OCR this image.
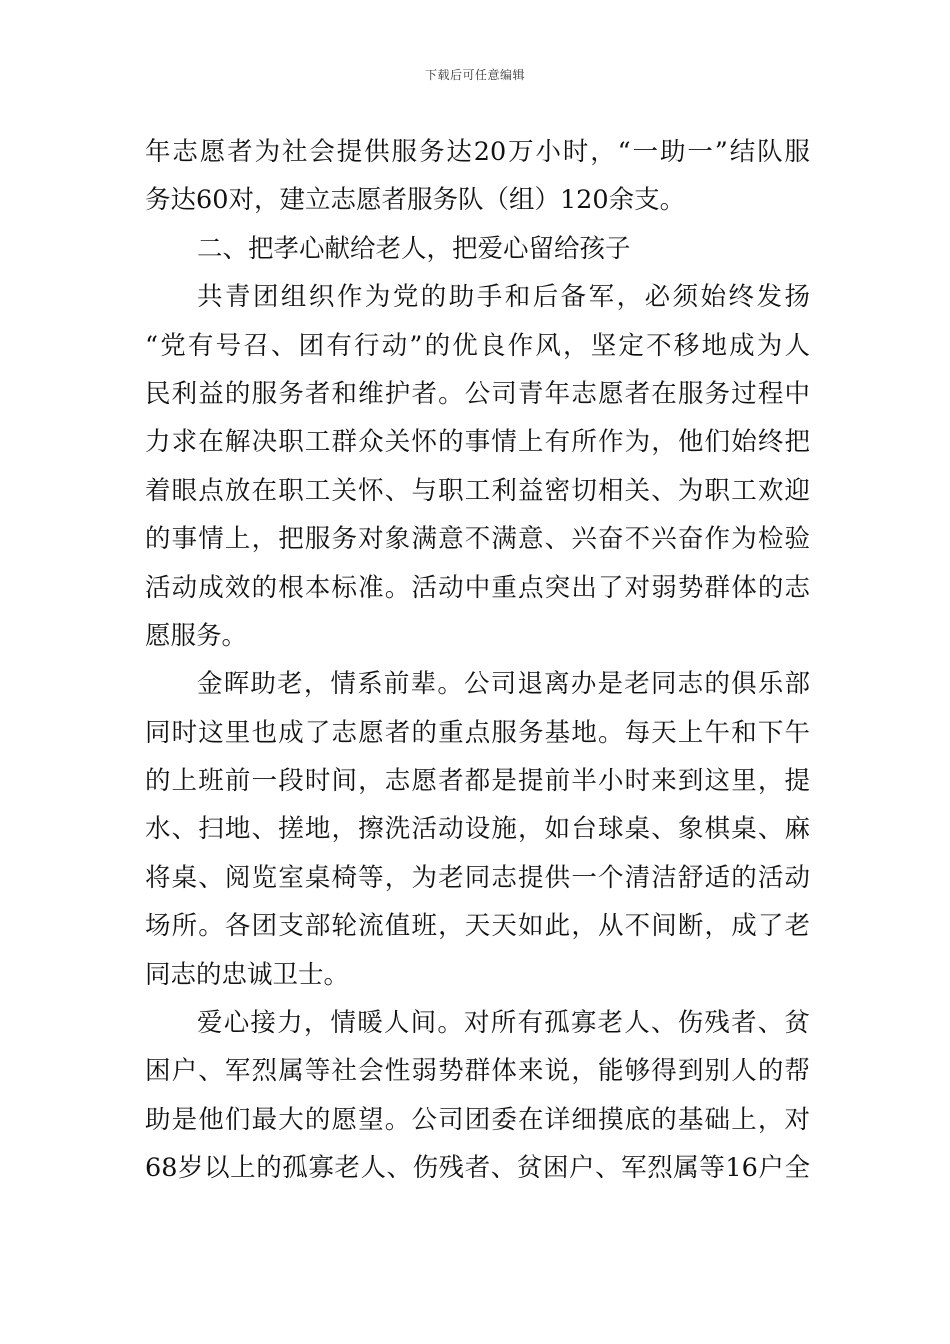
下载后可任意编辑
年志愿者为社会提供服务达20万小时，“一助一”结队服
务达60对，建立志愿者服务队（组）120余支。
二、把孝心献给老人，把爱心留给孩子
共青团组织作为党的助手和后备军，必须始终发扬
“党有号召、团有行动”的优良作风，坚定不移地成为人
民利益的服务者和维护者。公司青年志愿者在服务过程中
力求在解决职工群众关怀的事情上有所作为，他们始终把
着眼点放在职工关怀、与职工利益密切相关、为职工欢迎
的事情上，把服务对象满意不满意、兴奋不兴奋作为检验
活动成效的根本标准。活动中重点突出了对弱势群体的志
愿服务。
金晖助老，情系前辈。公司退离办是老同志的俱乐部
同时这里也成了志愿者的重点服务基地。每天上午和下午
的上班前一段时间，志愿者都是提前半小时来到这里，提
水、扫地、搓地，擦洗活动设施，如台球桌、象棋桌、麻
将桌、阅览室桌椅等，为老同志提供一个清洁舒适的活动
场所。各团支部轮流值班，天天如此，从不间断，成了老
同志的忠诚卫士。
爱心接力，情暖人间。对所有孤寡老人、伤残者、贫
困户、军烈属等社会性弱势群体来说，能够得到别人的帮
助是他们最大的愿望。公司团委在详细摸底的基础上，对
68岁以上的孤寡老人、伤残者、贫困户、军烈属等16户全
